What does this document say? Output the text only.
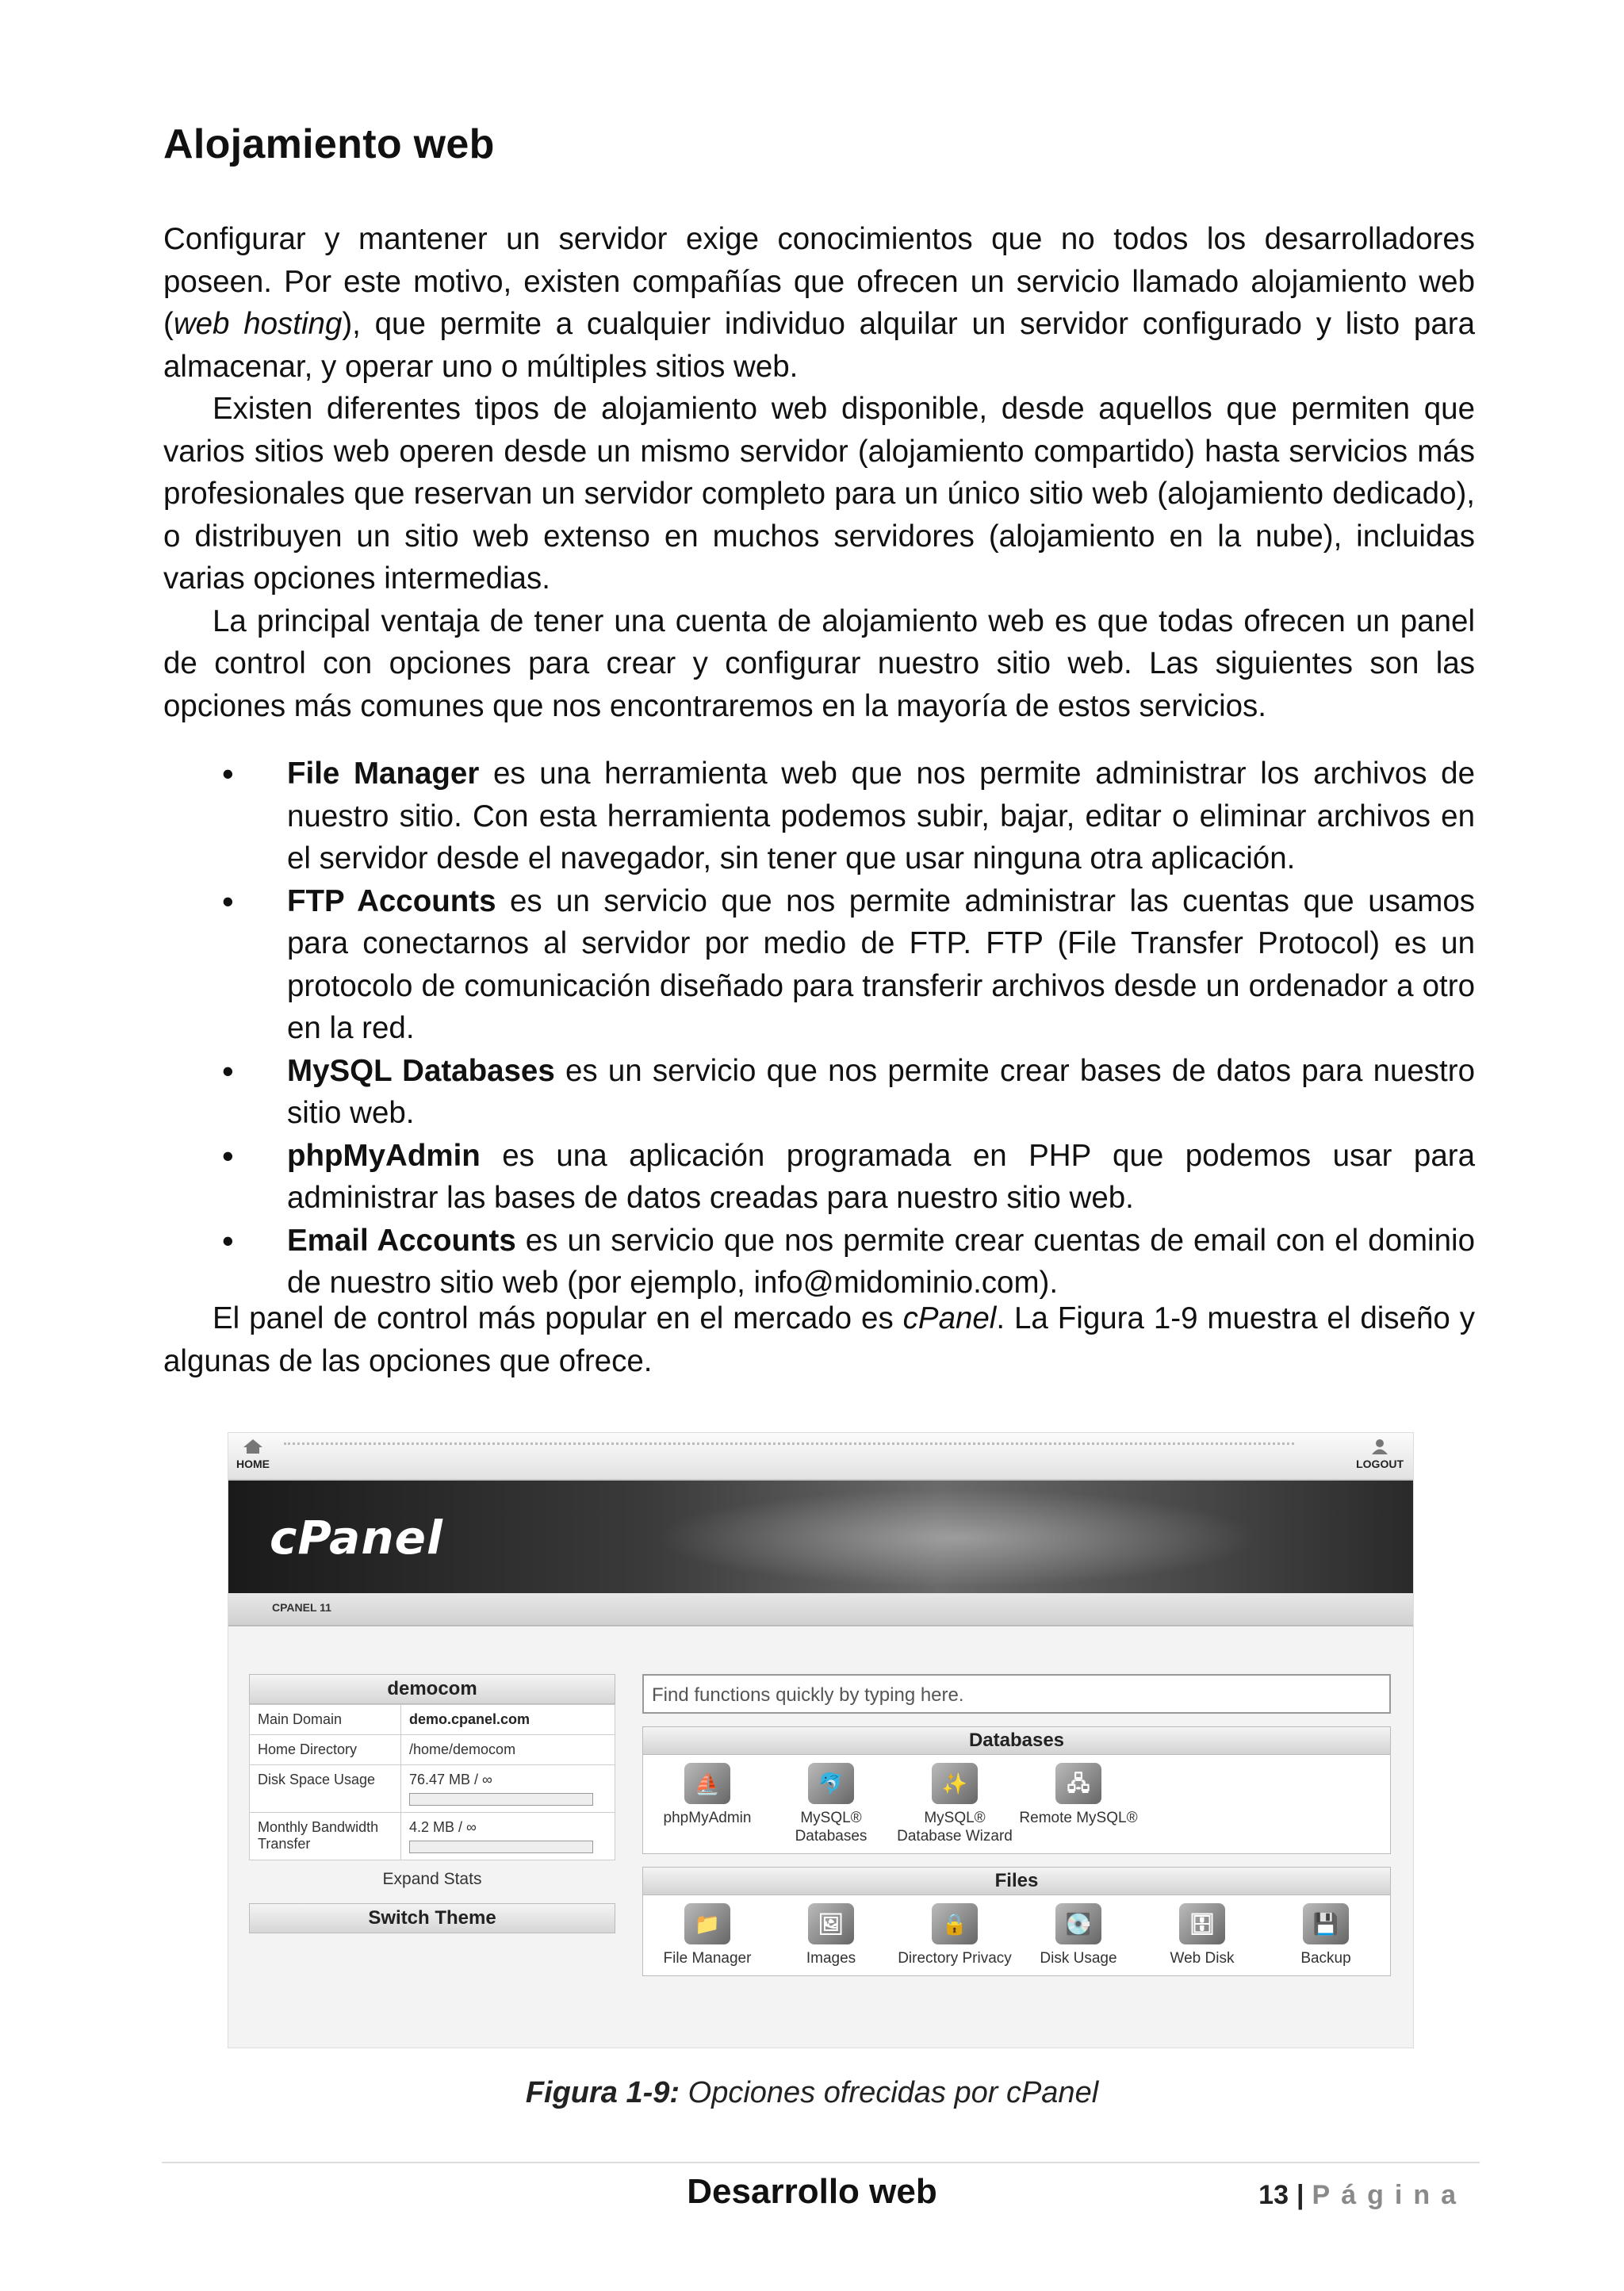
Alojamiento web

Configurar y mantener un servidor exige conocimientos que no todos los desarrolladores poseen. Por este motivo, existen compañías que ofrecen un servicio llamado alojamiento web (web hosting), que permite a cualquier individuo alquilar un servidor configurado y listo para almacenar, y operar uno o múltiples sitios web.

Existen diferentes tipos de alojamiento web disponible, desde aquellos que permiten que varios sitios web operen desde un mismo servidor (alojamiento compartido) hasta servicios más profesionales que reservan un servidor completo para un único sitio web (alojamiento dedicado), o distribuyen un sitio web extenso en muchos servidores (alojamiento en la nube), incluidas varias opciones intermedias.

La principal ventaja de tener una cuenta de alojamiento web es que todas ofrecen un panel de control con opciones para crear y configurar nuestro sitio web. Las siguientes son las opciones más comunes que nos encontraremos en la mayoría de estos servicios.

• File Manager es una herramienta web que nos permite administrar los archivos de nuestro sitio. Con esta herramienta podemos subir, bajar, editar o eliminar archivos en el servidor desde el navegador, sin tener que usar ninguna otra aplicación.
• FTP Accounts es un servicio que nos permite administrar las cuentas que usamos para conectarnos al servidor por medio de FTP. FTP (File Transfer Protocol) es un protocolo de comunicación diseñado para transferir archivos desde un ordenador a otro en la red.
• MySQL Databases es un servicio que nos permite crear bases de datos para nuestro sitio web.
• phpMyAdmin es una aplicación programada en PHP que podemos usar para administrar las bases de datos creadas para nuestro sitio web.
• Email Accounts es un servicio que nos permite crear cuentas de email con el dominio de nuestro sitio web (por ejemplo, info@midominio.com).

El panel de control más popular en el mercado es cPanel. La Figura 1-9 muestra el diseño y algunas de las opciones que ofrece.

HOME	LOGOUT
cPanel
CPANEL 11
democom
Main Domain	demo.cpanel.com
Home Directory	/home/democom
Disk Space Usage	76.47 MB / ∞

Monthly Bandwidth Transfer	4.2 MB / ∞
Expand Stats
Switch Theme
Find functions quickly by typing here.
Databases
⛵
phpMyAdmin
🐬
MySQL® Databases
✨
MySQL® Database Wizard
🖧
Remote MySQL®
Files
📁
File Manager
🖼
Images
🔒
Directory Privacy
💽
Disk Usage
🗄
Web Disk
💾
Backup
Figura 1-9: Opciones ofrecidas por cPanel
Desarrollo web	13 | Página
